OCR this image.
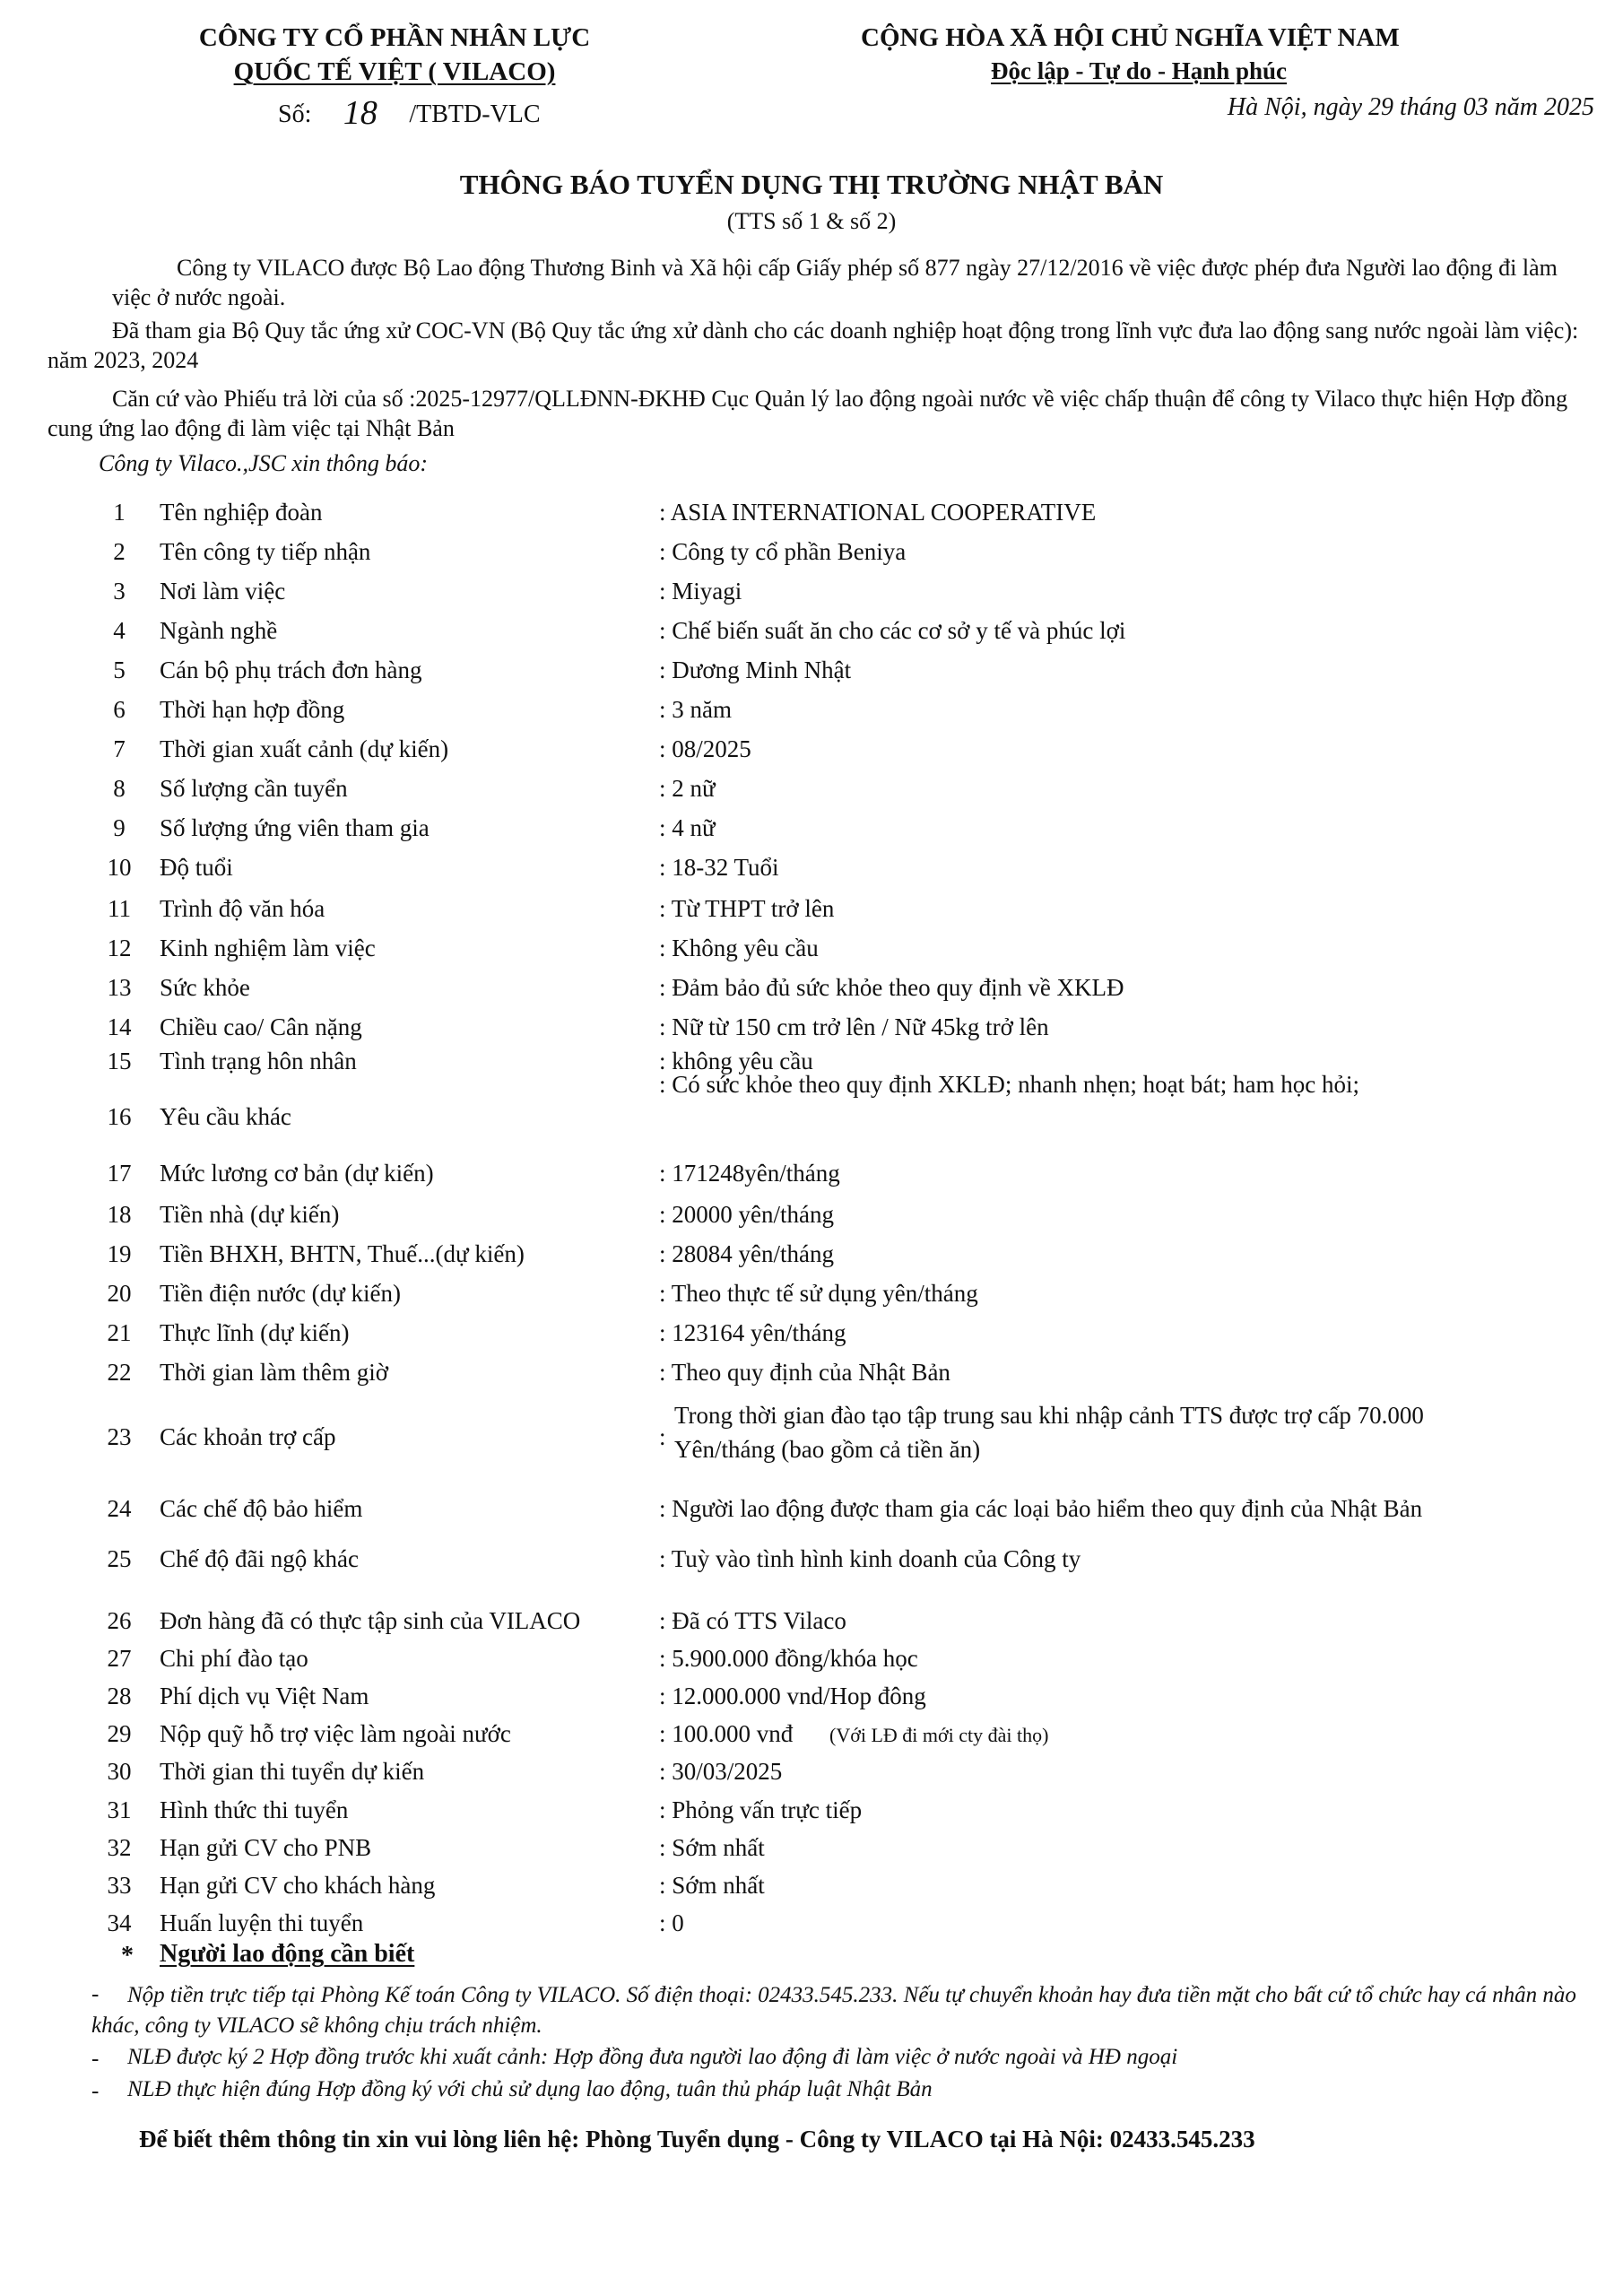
CÔNG TY CỔ PHẦN NHÂN LỰC
QUỐC TẾ VIỆT ( VILACO)
Số: 18 /TBTD-VLC
CỘNG HÒA XÃ HỘI CHỦ NGHĨA VIỆT NAM
Độc lập - Tự do - Hạnh phúc
Hà Nội, ngày 29 tháng 03 năm 2025
THÔNG BÁO TUYỂN DỤNG THỊ TRƯỜNG NHẬT BẢN
(TTS số 1 & số 2)
Công ty VILACO được Bộ Lao động Thương Binh và Xã hội cấp Giấy phép số 877 ngày 27/12/2016 về việc được phép đưa Người lao động đi làm việc ở nước ngoài.
Đã tham gia Bộ Quy tắc ứng xử COC-VN (Bộ Quy tắc ứng xử dành cho các doanh nghiệp hoạt động trong lĩnh vực đưa lao động sang nước ngoài làm việc): năm 2023, 2024
Căn cứ vào Phiếu trả lời của số :2025-12977/QLLĐNN-ĐKHĐ Cục Quản lý lao động ngoài nước về việc chấp thuận để công ty Vilaco thực hiện Hợp đồng cung ứng lao động đi làm việc tại Nhật Bản
Công ty Vilaco.,JSC xin thông báo:
1	Tên nghiệp đoàn	: ASIA INTERNATIONAL COOPERATIVE
2	Tên công ty tiếp nhận	: Công ty cổ phần Beniya
3	Nơi làm việc	: Miyagi
4	Ngành nghề	: Chế biến suất ăn cho các cơ sở y tế và phúc lợi
5	Cán bộ phụ trách đơn hàng	: Dương Minh Nhật
6	Thời hạn hợp đồng	: 3 năm
7	Thời gian xuất cảnh (dự kiến)	: 08/2025
8	Số lượng cần tuyển	: 2 nữ
9	Số lượng ứng viên tham gia	: 4 nữ
10 Độ tuổi	: 18-32 Tuổi
11 Trình độ văn hóa	: Từ THPT trở lên
12 Kinh nghiệm làm việc	: Không yêu cầu
13 Sức khỏe	: Đảm bảo đủ sức khỏe theo quy định về XKLĐ
14 Chiều cao/ Cân nặng	: Nữ từ 150 cm trở lên / Nữ 45kg trở lên
15 Tình trạng hôn nhân	: không yêu cầu
16 Yêu cầu khác
: Có sức khỏe theo quy định XKLĐ; nhanh nhẹn; hoạt bát; ham học hỏi;
17 Mức lương cơ bản (dự kiến)	: 171248yên/tháng
18 Tiền nhà (dự kiến)	: 20000 yên/tháng
19 Tiền BHXH, BHTN, Thuế...(dự kiến)	: 28084 yên/tháng
20 Tiền điện nước (dự kiến)	: Theo thực tế sử dụng yên/tháng
21 Thực lĩnh (dự kiến)	: 123164 yên/tháng
22 Thời gian làm thêm giờ	: Theo quy định của Nhật Bản
23 Các khoản trợ cấp	:
Trong thời gian đào tạo tập trung sau khi nhập cảnh TTS được trợ cấp 70.000
Yên/tháng (bao gồm cả tiền ăn)
24 Các chế độ bảo hiểm	: Người lao động được tham gia các loại bảo hiểm theo quy định của Nhật Bản
25 Chế độ đãi ngộ khác	: Tuỳ vào tình hình kinh doanh của Công ty
26 Đơn hàng đã có thực tập sinh của VILACO	: Đã có TTS Vilaco
27 Chi phí đào tạo	: 5.900.000 đồng/khóa học
28 Phí dịch vụ Việt Nam	: 12.000.000 vnd/Hop đông
29 Nộp quỹ hỗ trợ việc làm ngoài nước	: 100.000 vnđ (Với LĐ đi mới cty đài thọ)
30 Thời gian thi tuyển dự kiến	: 30/03/2025
31 Hình thức thi tuyển	: Phỏng vấn trực tiếp
32 Hạn gửi CV cho PNB	: Sớm nhất
33 Hạn gửi CV cho khách hàng	: Sớm nhất
34 Huấn luyện thi tuyển	: 0
* Người lao động cần biết
-	Nộp tiền trực tiếp tại Phòng Kế toán Công ty VILACO. Số điện thoại: 02433.545.233. Nếu tự chuyển khoản hay đưa tiền mặt cho bất cứ tổ chức hay cá nhân nào khác, công ty VILACO sẽ không chịu trách nhiệm.
- NLĐ được ký 2 Hợp đồng trước khi xuất cảnh: Hợp đồng đưa người lao động đi làm việc ở nước ngoài và HĐ ngoại
- NLĐ thực hiện đúng Hợp đồng ký với chủ sử dụng lao động, tuân thủ pháp luật Nhật Bản
Để biết thêm thông tin xin vui lòng liên hệ: Phòng Tuyển dụng - Công ty VILACO tại Hà Nội: 02433.545.233
